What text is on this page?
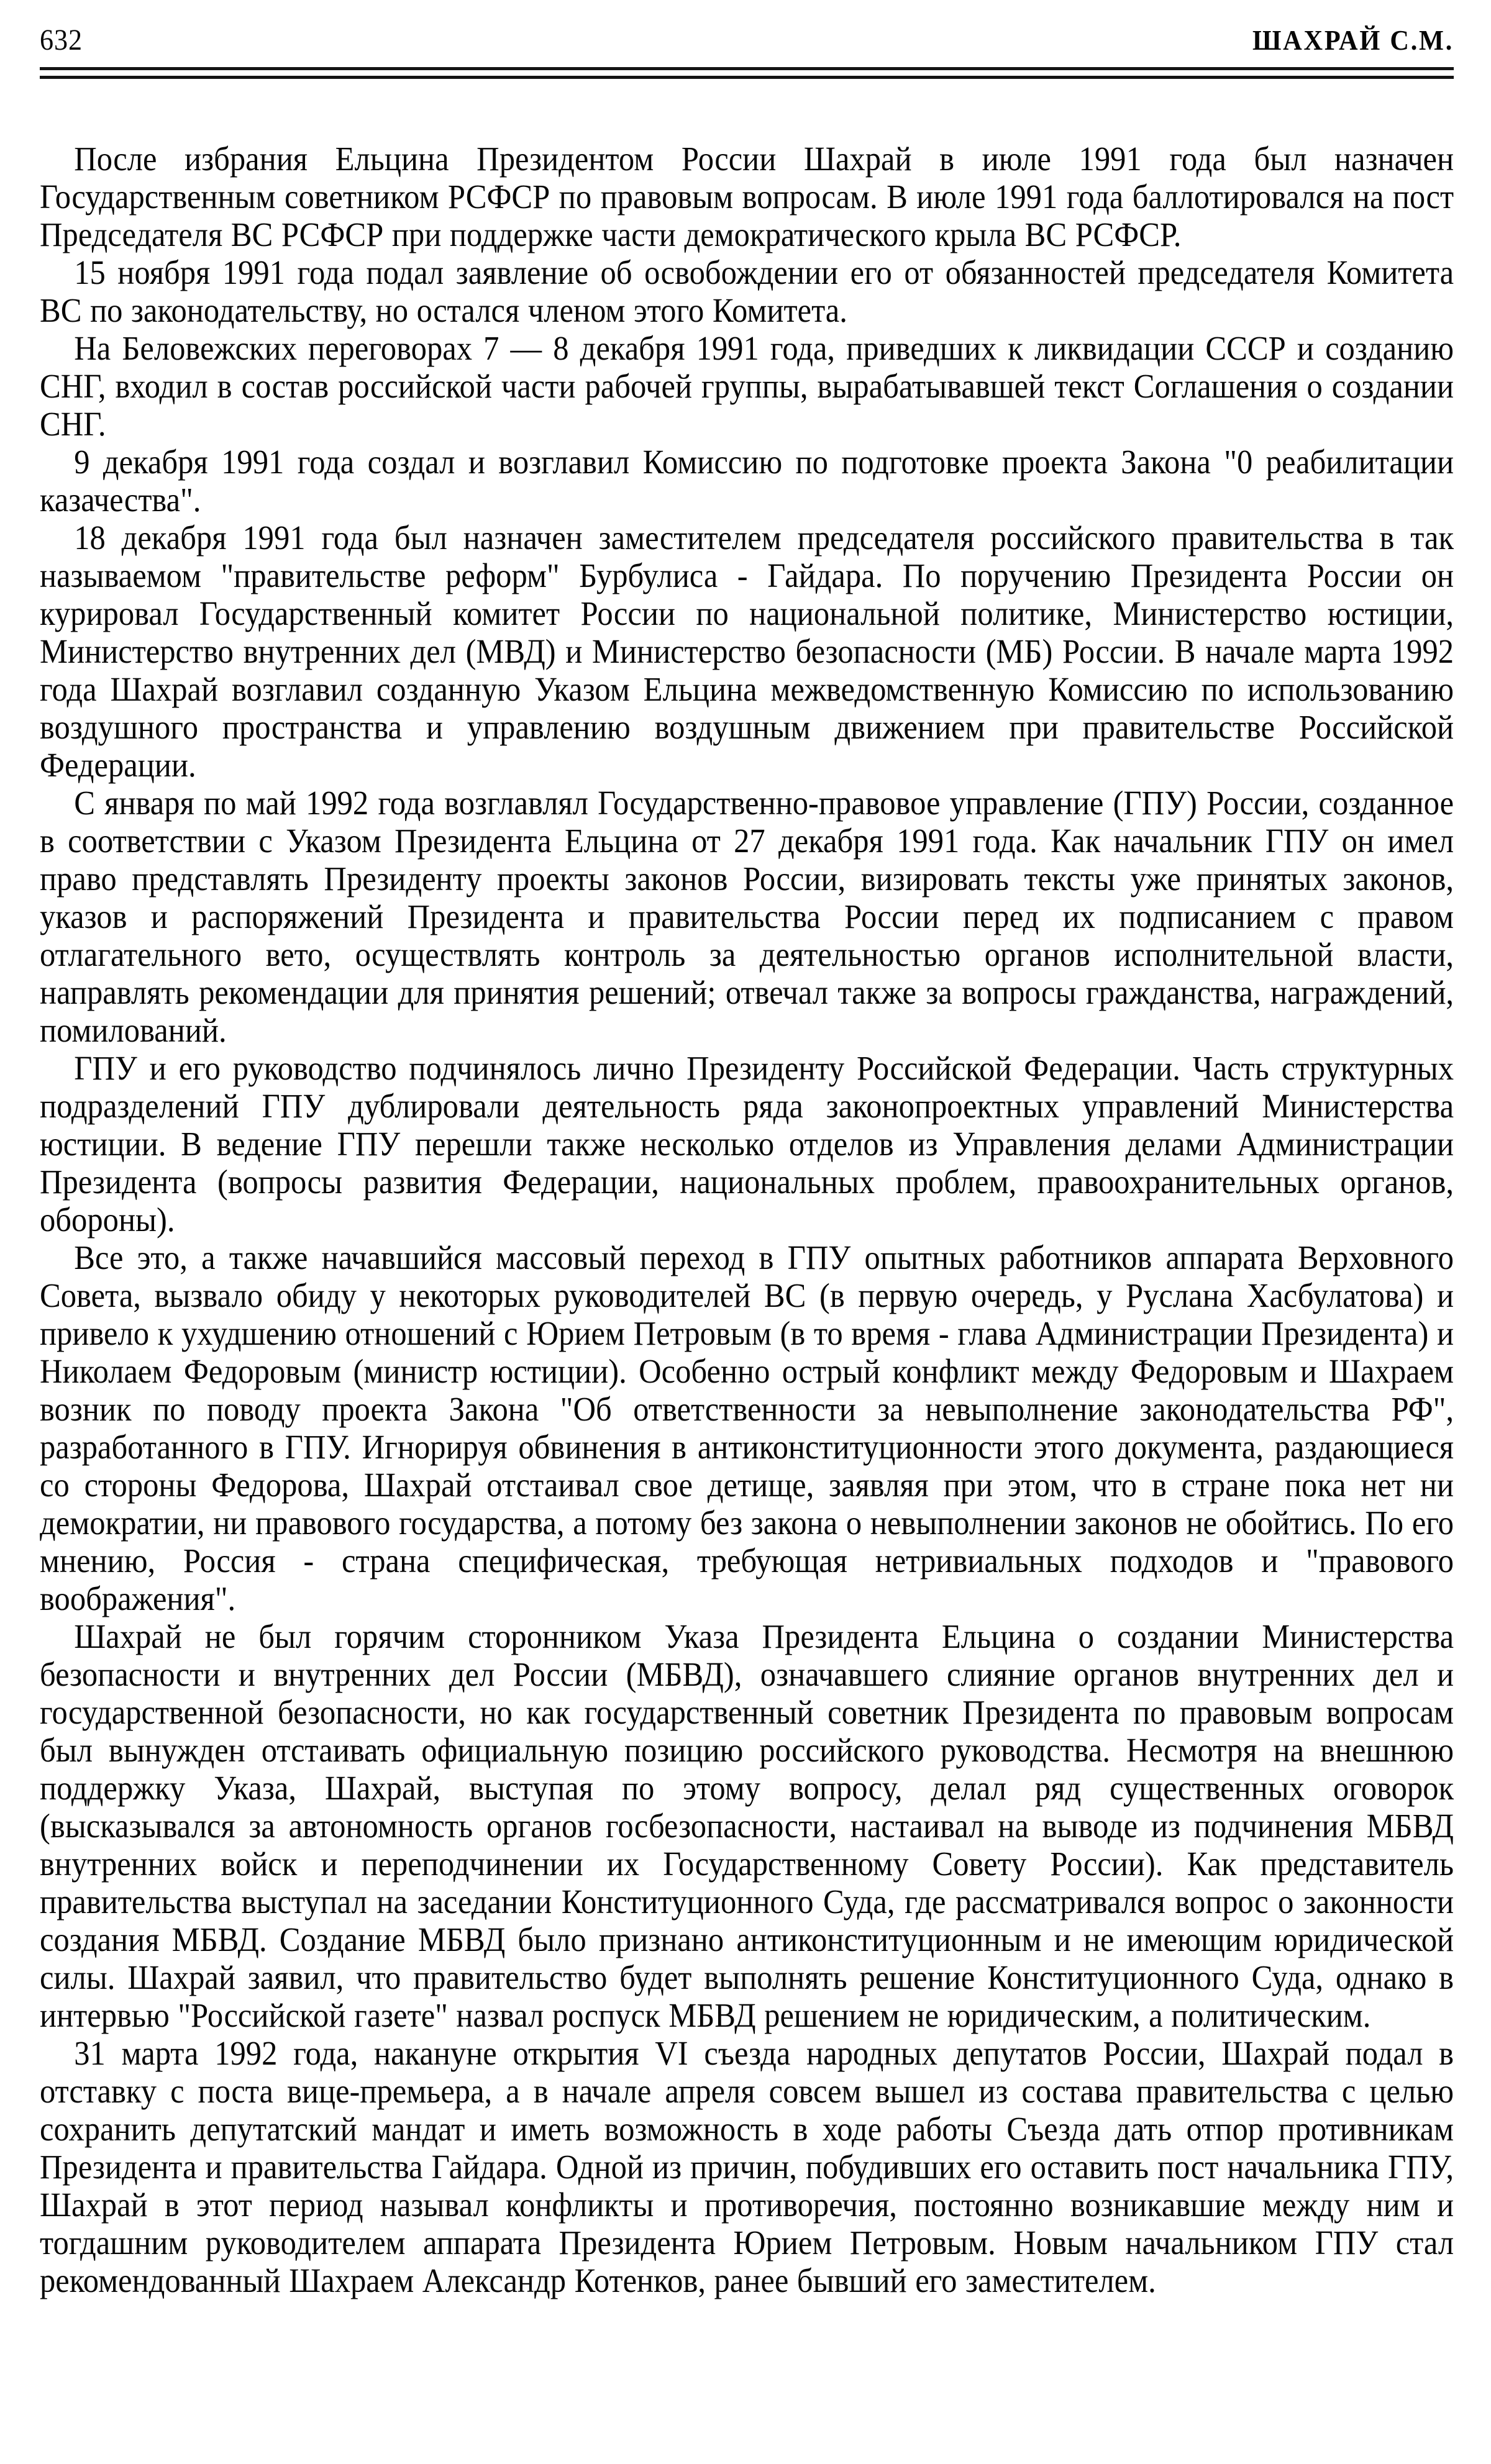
632	ШАХРАЙ С.М.

После избрания Ельцина Президентом России Шахрай в июле 1991 года был назначен Государственным советником РСФСР по правовым вопросам. В июле 1991 года баллотировался на пост Председателя ВС РСФСР при поддержке части демократического крыла ВС РСФСР.

15 ноября 1991 года подал заявление об освобождении его от обязанностей председателя Комитета ВС по законодательству, но остался членом этого Комитета.

На Беловежских переговорах 7 — 8 декабря 1991 года, приведших к ликвидации СССР и созданию СНГ, входил в состав российской части рабочей группы, вырабатывавшей текст Соглашения о создании СНГ.

9 декабря 1991 года создал и возглавил Комиссию по подготовке проекта Закона "0 реабилитации казачества".

18 декабря 1991 года был назначен заместителем председателя российского правительства в так называемом "правительстве реформ" Бурбулиса - Гайдара. По поручению Президента России он курировал Государственный комитет России по национальной политике, Министерство юстиции, Министерство внутренних дел (МВД) и Министерство безопасности (МБ) России. В начале марта 1992 года Шахрай возглавил созданную Указом Ельцина межведомственную Комиссию по использованию воздушного пространства и управлению воздушным движением при правительстве Российской Федерации.

С января по май 1992 года возглавлял Государственно-правовое управление (ГПУ) России, созданное в соответствии с Указом Президента Ельцина от 27 декабря 1991 года. Как начальник ГПУ он имел право представлять Президенту проекты законов России, визировать тексты уже принятых законов, указов и распоряжений Президента и правительства России перед их подписанием с правом отлагательного вето, осуществлять контроль за деятельностью органов исполнительной власти, направлять рекомендации для принятия решений; отвечал также за вопросы гражданства, награждений, помилований.

ГПУ и его руководство подчинялось лично Президенту Российской Федерации. Часть структурных подразделений ГПУ дублировали деятельность ряда законопроектных управлений Министерства юстиции. В ведение ГПУ перешли также несколько отделов из Управления делами Администрации Президента (вопросы развития Федерации, национальных проблем, правоохранительных органов, обороны).

Все это, а также начавшийся массовый переход в ГПУ опытных работников аппарата Верховного Совета, вызвало обиду у некоторых руководителей ВС (в первую очередь, у Руслана Хасбулатова) и привело к ухудшению отношений с Юрием Петровым (в то время - глава Администрации Президента) и Николаем Федоровым (министр юстиции). Особенно острый конфликт между Федоровым и Шахраем возник по поводу проекта Закона "Об ответственности за невыполнение законодательства РФ", разработанного в ГПУ. Игнорируя обвинения в антиконституционности этого документа, раздающиеся со стороны Федорова, Шахрай отстаивал свое детище, заявляя при этом, что в стране пока нет ни демократии, ни правового государства, а потому без закона о невыполнении законов не обойтись. По его мнению, Россия - страна специфическая, требующая нетривиальных подходов и "правового воображения".

Шахрай не был горячим сторонником Указа Президента Ельцина о создании Министерства безопасности и внутренних дел России (МБВД), означавшего слияние органов внутренних дел и государственной безопасности, но как государственный советник Президента по правовым вопросам был вынужден отстаивать официальную позицию российского руководства. Несмотря на внешнюю поддержку Указа, Шахрай, выступая по этому вопросу, делал ряд существенных оговорок (высказывался за автономность органов госбезопасности, настаивал на выводе из подчинения МБВД внутренних войск и переподчинении их Государственному Совету России). Как представитель правительства выступал на заседании Конституционного Суда, где рассматривался вопрос о законности создания МБВД. Создание МБВД было признано антиконституционным и не имеющим юридической силы. Шахрай заявил, что правительство будет выполнять решение Конституционного Суда, однако в интервью "Российской газете" назвал роспуск МБВД решением не юридическим, а политическим.

31 марта 1992 года, накануне открытия VI съезда народных депутатов России, Шахрай подал в отставку с поста вице-премьера, а в начале апреля совсем вышел из состава правительства с целью сохранить депутатский мандат и иметь возможность в ходе работы Съезда дать отпор противникам Президента и правительства Гайдара. Одной из причин, побудивших его оставить пост начальника ГПУ, Шахрай в этот период называл конфликты и противоречия, постоянно возникавшие между ним и тогдашним руководителем аппарата Президента Юрием Петровым. Новым начальником ГПУ стал рекомендованный Шахраем Александр Котенков, ранее бывший его заместителем.
